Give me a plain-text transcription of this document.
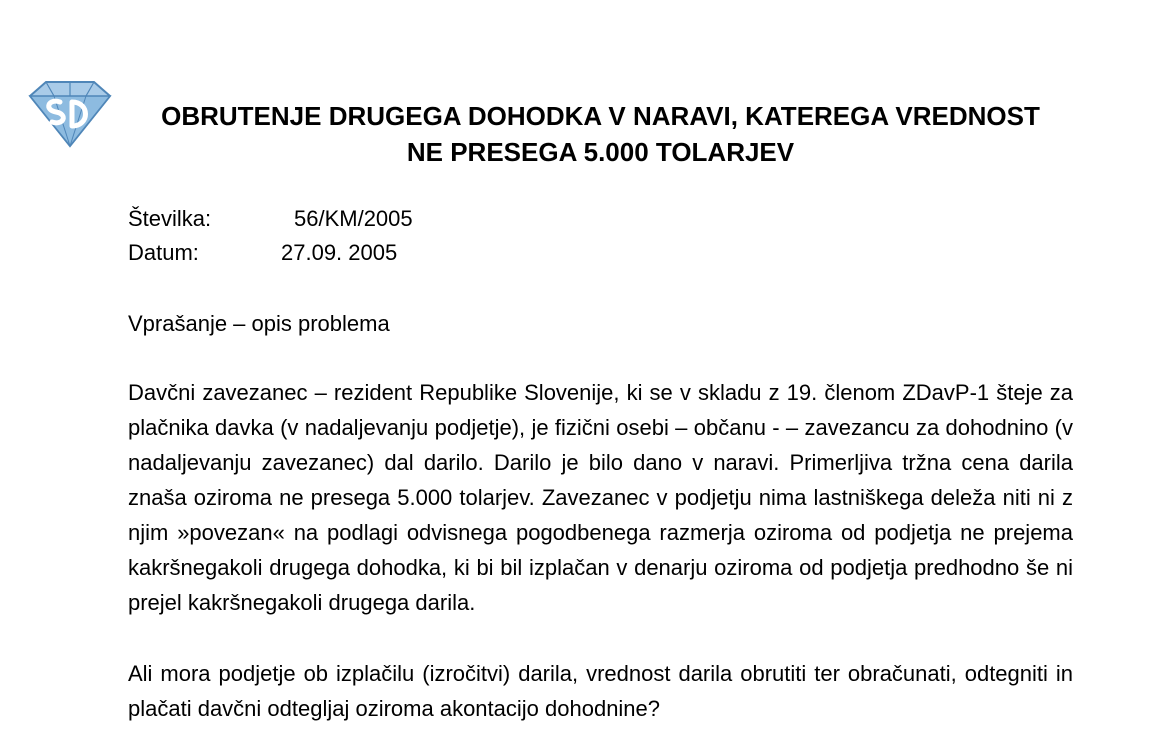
OBRUTENJE DRUGEGA DOHODKA V NARAVI, KATEREGA VREDNOST
NE PRESEGA 5.000 TOLARJEV
Številka:	56/KM/2005
Datum:	27.09. 2005
Vprašanje – opis problema
Davčni zavezanec – rezident Republike Slovenije, ki se v skladu z 19. členom ZDavP-1 šteje za plačnika davka (v nadaljevanju podjetje), je fizični osebi – občanu - – zavezancu za dohodnino (v nadaljevanju zavezanec) dal darilo. Darilo je bilo dano v naravi. Primerljiva tržna cena darila znaša oziroma ne presega 5.000 tolarjev. Zavezanec v podjetju nima lastniškega deleža niti ni z njim »povezan« na podlagi odvisnega pogodbenega razmerja oziroma od podjetja ne prejema kakršnegakoli drugega dohodka, ki bi bil izplačan v denarju oziroma od podjetja predhodno še ni prejel kakršnegakoli drugega darila.
Ali mora podjetje ob izplačilu (izročitvi) darila, vrednost darila obrutiti ter obračunati, odtegniti in plačati davčni odtegljaj oziroma akontacijo dohodnine?
